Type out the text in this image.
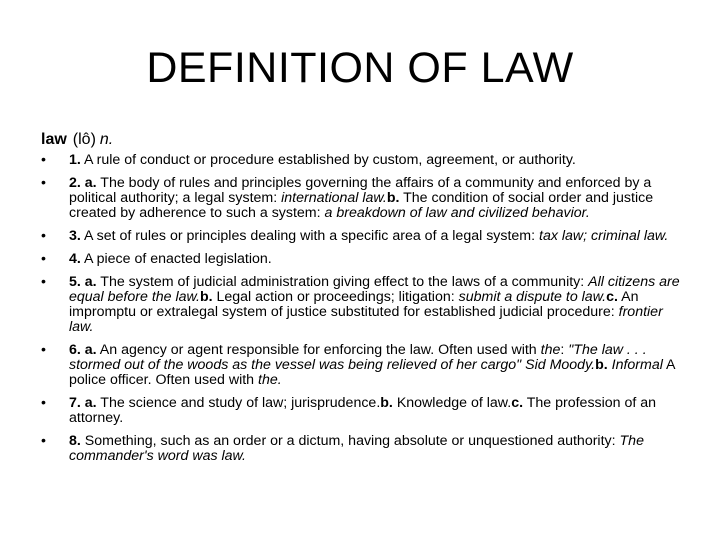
DEFINITION OF LAW
law (lô) n.
• 1. A rule of conduct or procedure established by custom, agreement, or authority.
• 2. a. The body of rules and principles governing the affairs of a community and enforced by a political authority; a legal system: international law.b. The condition of social order and justice created by adherence to such a system: a breakdown of law and civilized behavior.
• 3. A set of rules or principles dealing with a specific area of a legal system: tax law; criminal law.
• 4. A piece of enacted legislation.
• 5. a. The system of judicial administration giving effect to the laws of a community: All citizens are equal before the law.b. Legal action or proceedings; litigation: submit a dispute to law.c. An impromptu or extralegal system of justice substituted for established judicial procedure: frontier law.
• 6. a. An agency or agent responsible for enforcing the law. Often used with the: "The law . . . stormed out of the woods as the vessel was being relieved of her cargo" Sid Moody.b. Informal A police officer. Often used with the.
• 7. a. The science and study of law; jurisprudence.b. Knowledge of law.c. The profession of an attorney.
• 8. Something, such as an order or a dictum, having absolute or unquestioned authority: The commander's word was law.
